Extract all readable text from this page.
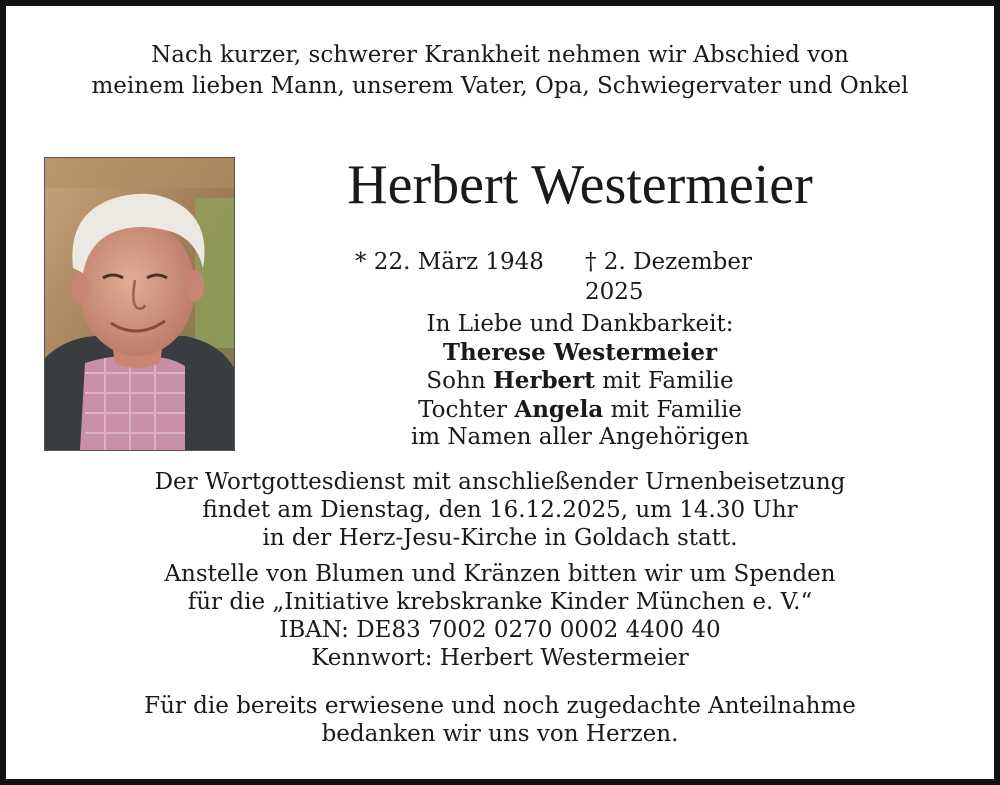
Nach kurzer, schwerer Krankheit nehmen wir Abschied von
meinem lieben Mann, unserem Vater, Opa, Schwiegervater und Onkel
Herbert Westermeier
* 22. März 1948 † 2. Dezember 2025
In Liebe und Dankbarkeit:
Therese Westermeier
Sohn Herbert mit Familie
Tochter Angela mit Familie
im Namen aller Angehörigen
Der Wortgottesdienst mit anschließender Urnenbeisetzung
findet am Dienstag, den 16.12.2025, um 14.30 Uhr
in der Herz-Jesu-Kirche in Goldach statt.
Anstelle von Blumen und Kränzen bitten wir um Spenden
für die „Initiative krebskranke Kinder München e. V.“
IBAN: DE83 7002 0270 0002 4400 40
Kennwort: Herbert Westermeier
Für die bereits erwiesene und noch zugedachte Anteilnahme
bedanken wir uns von Herzen.
